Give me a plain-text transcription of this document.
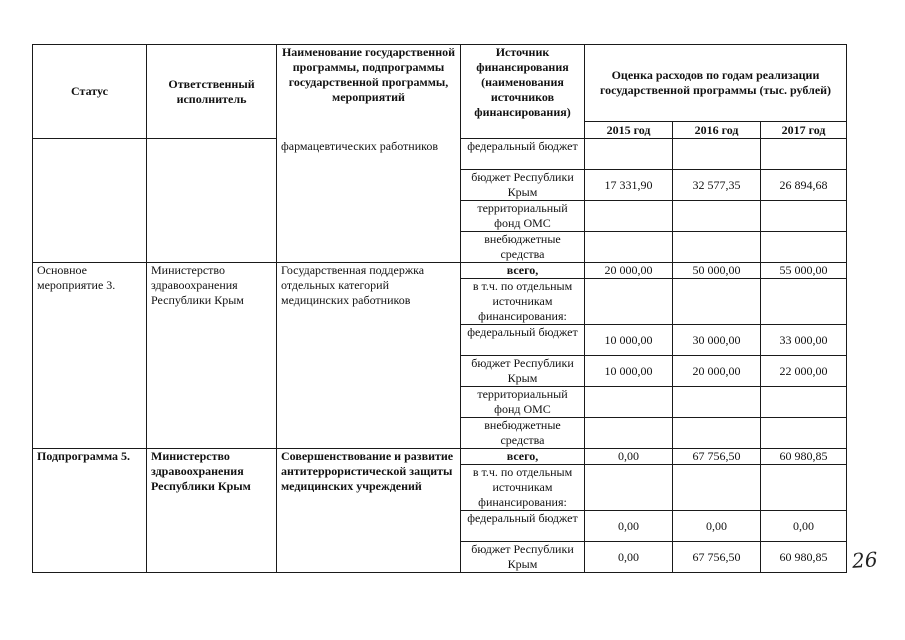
Статус	Ответственный исполнитель	Наименование государственной программы, подпрограммы государственной программы, мероприятий	Источник финансирования (наименования источников финансирования)	Оценка расходов по годам реализации государственной программы (тыс. рублей)		
				2015 год	2016 год	2017 год
		фармацевтических работников	федеральный бюджет			
			бюджет Республики Крым	17 331,90	32 577,35	26 894,68
			территориальный фонд ОМС			
			внебюджетные средства			
Основное мероприятие 3.	Министерство здравоохранения Республики Крым	Государственная поддержка отдельных категорий медицинских работников	всего,	20 000,00	50 000,00	55 000,00
			в т.ч. по отдельным источникам финансирования:			
			федеральный бюджет	10 000,00	30 000,00	33 000,00
			бюджет Республики Крым	10 000,00	20 000,00	22 000,00
			территориальный фонд ОМС			
			внебюджетные средства			
Подпрограмма 5.	Министерство здравоохранения Республики Крым	Совершенствование и развитие антитеррористической защиты медицинских учреждений	всего,	0,00	67 756,50	60 980,85
			в т.ч. по отдельным источникам финансирования:			
			федеральный бюджет	0,00	0,00	0,00
			бюджет Республики Крым	0,00	67 756,50	60 980,85 26
